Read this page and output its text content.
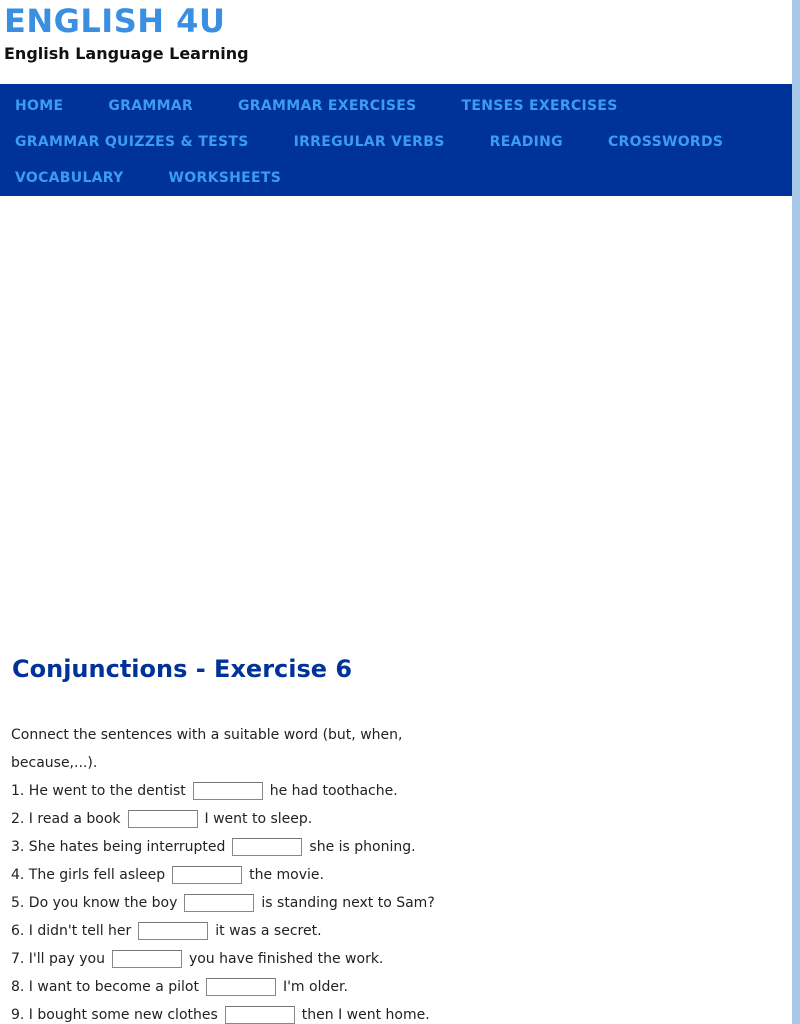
ENGLISH 4U
English Language Learning
HOME	GRAMMAR	GRAMMAR EXERCISES	TENSES EXERCISES
GRAMMAR QUIZZES & TESTS	IRREGULAR VERBS	READING	CROSSWORDS
VOCABULARY	WORKSHEETS
Conjunctions - Exercise 6

Connect the sentences with a suitable word (but, when, because,...).

1. He went to the dentist	he had toothache.
2. I read a book	I went to sleep.
3. She hates being interrupted	she is phoning.
4. The girls fell asleep	the movie.
5. Do you know the boy	is standing next to Sam?
6. I didn't tell her	it was a secret.
7. I'll pay you	you have finished the work.
8. I want to become a pilot	I'm older.
9. I bought some new clothes	then I went home.
